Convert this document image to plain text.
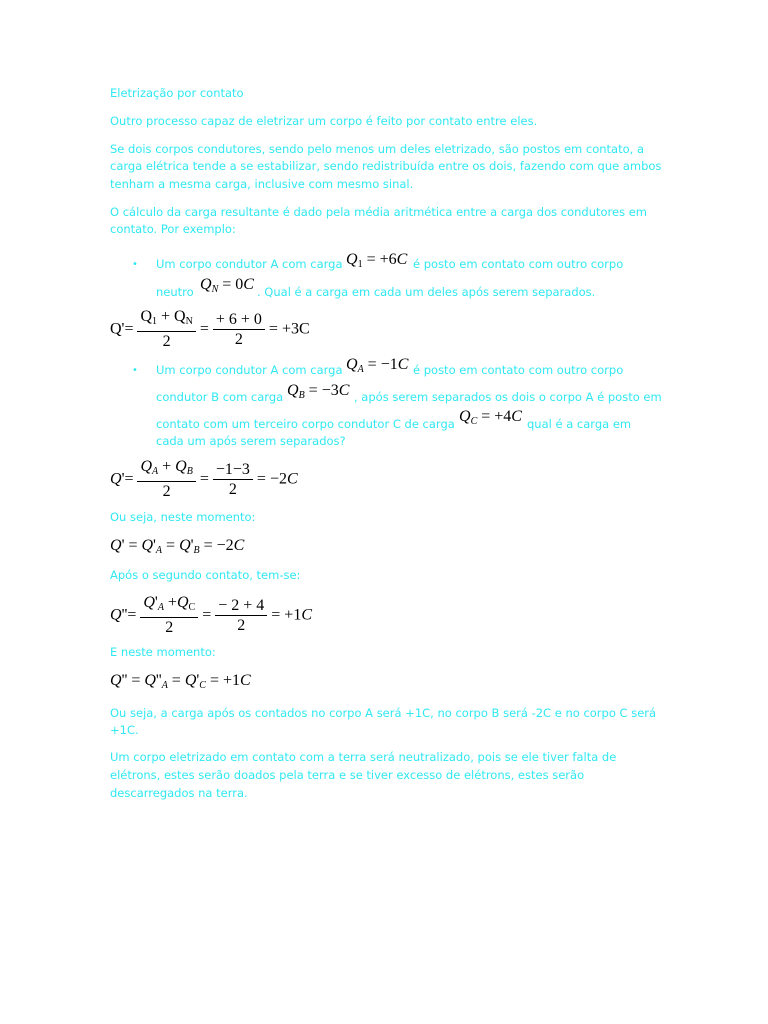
Eletrização por contato
Outro processo capaz de eletrizar um corpo é feito por contato entre eles.
Se dois corpos condutores, sendo pelo menos um deles eletrizado, são postos em contato, a
carga elétrica tende a se estabilizar, sendo redistribuída entre os dois, fazendo com que ambos
tenham a mesma carga, inclusive com mesmo sinal.
O cálculo da carga resultante é dado pela média aritmética entre a carga dos condutores em
contato. Por exemplo:
• Um corpo condutor A com carga $Q_1 = +6C$ é posto em contato com outro corpo
neutro $Q_N = 0C$ . Qual é a carga em cada um deles após serem separados.
$Q'= \frac{Q_1 + Q_N}{2} = \frac{+ 6 + 0}{2} = +3C$
• Um corpo condutor A com carga $Q_A = -1C$ é posto em contato com outro corpo
condutor B com carga $Q_B = -3C$ , após serem separados os dois o corpo A é posto em
contato com um terceiro corpo condutor C de carga $Q_C = +4C$ qual é a carga em
cada um após serem separados?
$Q'= \frac{Q_A + Q_B}{2} = \frac{-1-3}{2} = -2C$
Ou seja, neste momento:
$Q' = Q'_A = Q'_B = -2C$
Após o segundo contato, tem-se:
$Q''= \frac{Q'_A +Q_C}{2} = \frac{- 2 + 4}{2} = +1C$
E neste momento:
$Q'' = Q''_A = Q'_C = +1C$
Ou seja, a carga após os contados no corpo A será +1C, no corpo B será -2C e no corpo C será
+1C.
Um corpo eletrizado em contato com a terra será neutralizado, pois se ele tiver falta de
elétrons, estes serão doados pela terra e se tiver excesso de elétrons, estes serão
descarregados na terra.
